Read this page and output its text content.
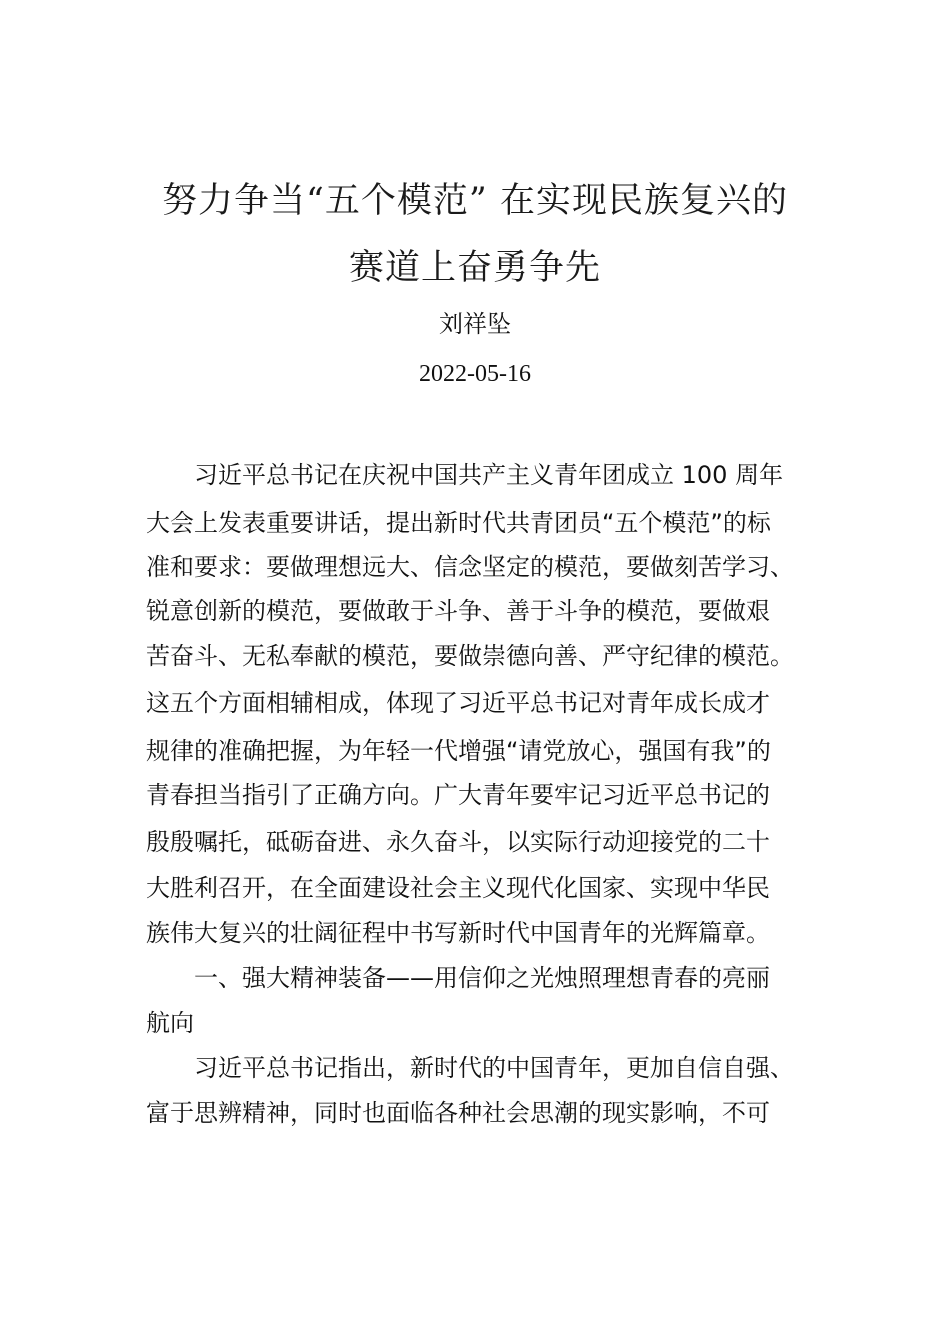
努力争当“五个模范” 在实现民族复兴的
赛道上奋勇争先
刘祥坠
2022-05-16
习近平总书记在庆祝中国共产主义青年团成立 100 周年
大会上发表重要讲话，提出新时代共青团员“五个模范”的标
准和要求：要做理想远大、信念坚定的模范，要做刻苦学习、
锐意创新的模范，要做敢于斗争、善于斗争的模范，要做艰
苦奋斗、无私奉献的模范，要做崇德向善、严守纪律的模范。
这五个方面相辅相成，体现了习近平总书记对青年成长成才
规律的准确把握，为年轻一代增强“请党放心，强国有我”的
青春担当指引了正确方向。广大青年要牢记习近平总书记的
殷殷嘱托，砥砺奋进、永久奋斗，以实际行动迎接党的二十
大胜利召开，在全面建设社会主义现代化国家、实现中华民
族伟大复兴的壮阔征程中书写新时代中国青年的光辉篇章。
一、强大精神装备——用信仰之光烛照理想青春的亮丽
航向
习近平总书记指出，新时代的中国青年，更加自信自强、
富于思辨精神，同时也面临各种社会思潮的现实影响，不可
